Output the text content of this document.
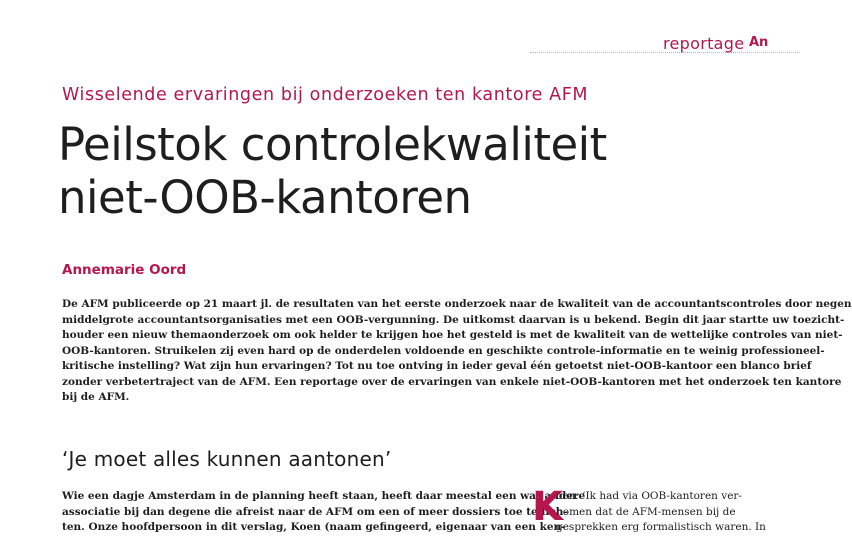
reportage An
Wisselende ervaringen bij onderzoeken ten kantore AFM
Peilstok controlekwaliteit
niet-OOB-kantoren
Annemarie Oord
De AFM publiceerde op 21 maart jl. de resultaten van het eerste onderzoek naar de kwaliteit van de accountantscontroles door negen
middelgrote accountantsorganisaties met een OOB-vergunning. De uitkomst daarvan is u bekend. Begin dit jaar startte uw toezicht-
houder een nieuw themaonderzoek om ook helder te krijgen hoe het gesteld is met de kwaliteit van de wettelijke controles van niet-
OOB-kantoren. Struikelen zij even hard op de onderdelen voldoende en geschikte controle-informatie en te weinig professioneel-
kritische instelling? Wat zijn hun ervaringen? Tot nu toe ontving in ieder geval één getoetst niet-OOB-kantoor een blanco brief
zonder verbetertraject van de AFM. Een reportage over de ervaringen van enkele niet-OOB-kantoren met het onderzoek ten kantore
bij de AFM.
‘Je moet alles kunnen aantonen’
Wie een dagje Amsterdam in de planning heeft staan, heeft daar meestal een wat andere
associatie bij dan degene die afreist naar de AFM om een of meer dossiers toe te lich-
ten. Onze hoofdpersoon in dit verslag, Koen (naam gefingeerd, eigenaar van een ken-
K
oen: ‘Ik had via OOB-kantoren ver-
nomen dat de AFM-mensen bij de
gesprekken erg formalistisch waren. In
